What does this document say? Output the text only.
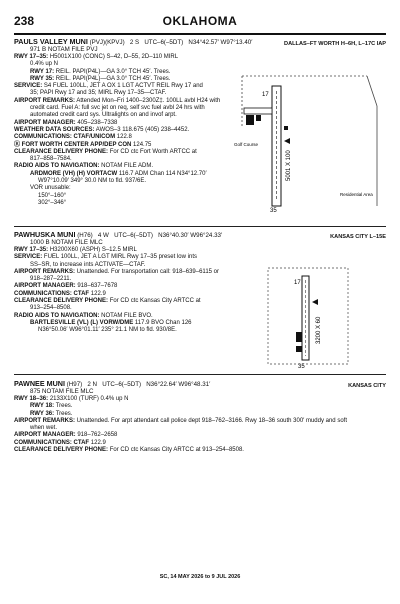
238	OKLAHOMA
PAULS VALLEY MUNI (PVJ)(KPVJ) 2 S UTC–6(–5DT) N34°42.57′ W97°13.40′
971 B NOTAM FILE PVJ
DALLAS–FT WORTH H–6H, L–17C IAP
RWY 17–35: H5001X100 (CONC) S–42, D–55, 2D–110 MIRL
0.4% up N
RWY 17: REIL. PAPI(P4L)—GA 3.0° TCH 45′. Trees.
RWY 35: REIL. PAPI(P4L)—GA 3.0° TCH 45′. Trees.
SERVICE: S4 FUEL 100LL, JET A OX 1 LGT ACTVT REIL Rwy 17 and
35; PAPI Rwy 17 and 35; MIRL Rwy 17–35—CTAF.
AIRPORT REMARKS: Attended Mon–Fri 1400–2300Z‡. 100LL avbl H24 with
credit card. Fuel A: full svc jet on req, self svc fuel avbl 24 hrs with
automated credit card sys. Ultralights on and invof arpt.
AIRPORT MANAGER: 405–238–7338
WEATHER DATA SOURCES: AWOS–3 118.675 (405) 238–4452.
COMMUNICATIONS: CTAF/UNICOM 122.8
Ⓡ FORT WORTH CENTER APP/DEP CON 124.75
CLEARANCE DELIVERY PHONE: For CD ctc Fort Worth ARTCC at
817–858–7584.
RADIO AIDS TO NAVIGATION: NOTAM FILE ADM.
ARDMORE (VH) (H) VORTACW 116.7 ADM Chan 114 N34°12.70′
W97°10.09′ 349° 30.0 NM to fld. 937/6E.
VOR unusable:
150°–160°
302°–346°
17
35
5001 X 100
Golf Course
Residential Area
PAWHUSKA MUNI (H76) 4 W UTC–6(–5DT) N36°40.30′ W96°24.33′
1000 B NOTAM FILE MLC
KANSAS CITY L–15E
RWY 17–35: H3200X60 (ASPH) S–12.5 MIRL
SERVICE: FUEL 100LL, JET A LGT MIRL Rwy 17–35 preset low ints
SS–SR, to increase ints ACTIVATE—CTAF.
AIRPORT REMARKS: Unattended. For transportation call: 918–639–6115 or
918–287–2211.
AIRPORT MANAGER: 918–637–7678
COMMUNICATIONS: CTAF 122.9
CLEARANCE DELIVERY PHONE: For CD ctc Kansas City ARTCC at
913–254–8508.
RADIO AIDS TO NAVIGATION: NOTAM FILE BVO.
BARTLESVILLE (VL) (L) VORW/DME 117.9 BVO Chan 126
N36°50.06′ W96°01.11′ 235° 21.1 NM to fld. 930/8E.
17
35
3200 X 60
PAWNEE MUNI (H97) 2 N UTC–6(–5DT) N36°22.64′ W96°48.31′
875 NOTAM FILE MLC
KANSAS CITY
RWY 18–36: 2133X100 (TURF) 0.4% up N
RWY 18: Trees.
RWY 36: Trees.
AIRPORT REMARKS: Unattended. For arpt attendant call police dept 918–762–3166. Rwy 18–36 south 300′ muddy and soft
when wet.
AIRPORT MANAGER: 918–762–2658
COMMUNICATIONS: CTAF 122.9
CLEARANCE DELIVERY PHONE: For CD ctc Kansas City ARTCC at 913–254–8508.
SC, 14 MAY 2026 to 9 JUL 2026
